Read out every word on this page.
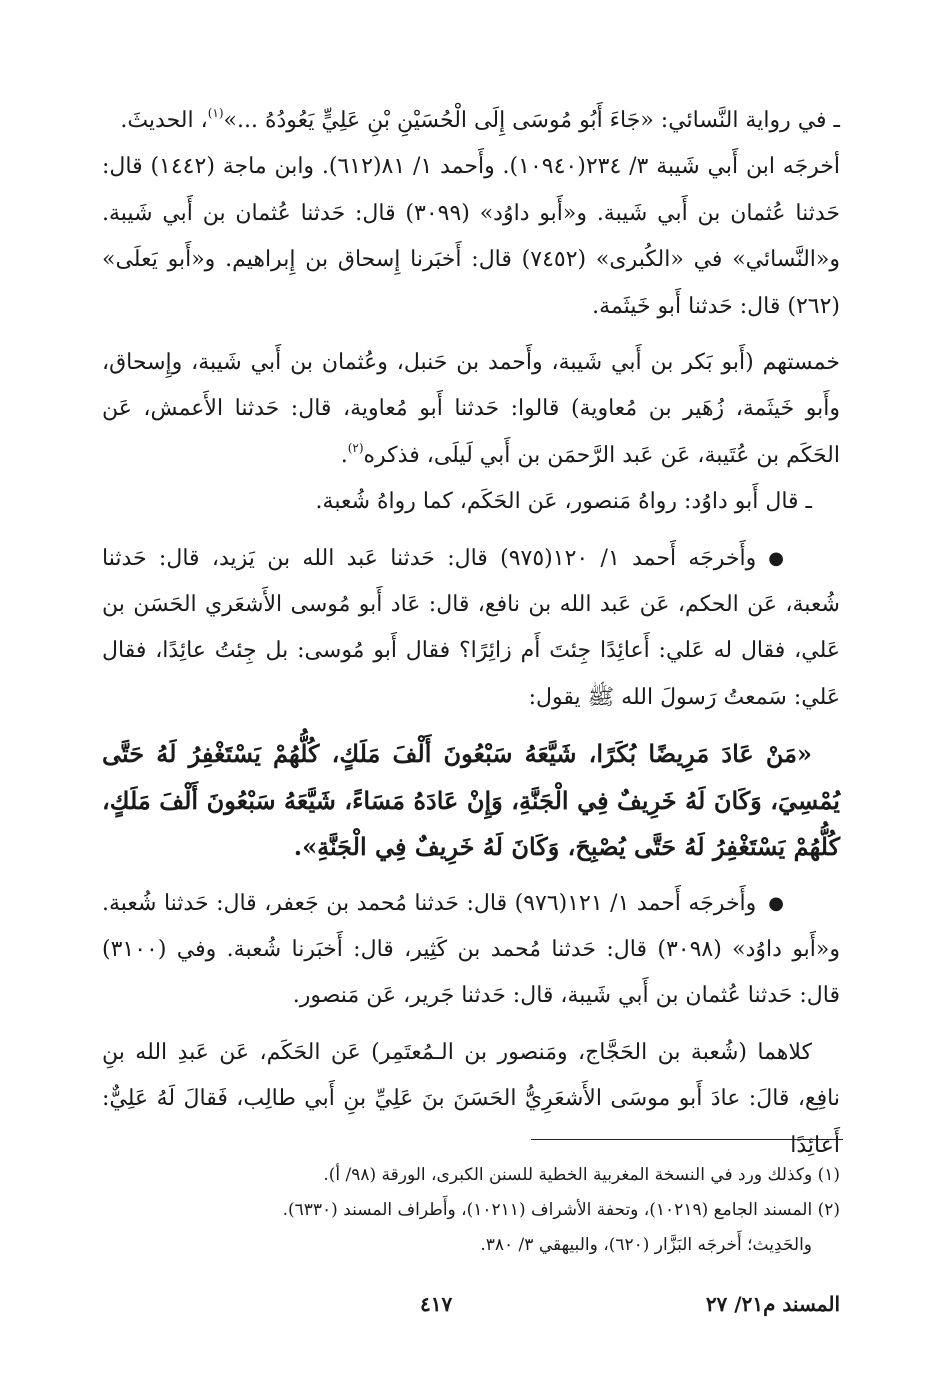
ـ في رواية النَّسائي: «جَاءَ أَبُو مُوسَى إِلَى الْحُسَيْنِ بْنِ عَلِيٍّ يَعُودُهُ ...»$^{(١)}$، الحديثَ.

أخرجَه ابن أَبي شَيبة ٣/ ٢٣٤(١٠٩٤٠). وأَحمد ١/ ٨١(٦١٢). وابن ماجة (١٤٤٢) قال: حَدثنا عُثمان بن أَبي شَيبة. و«أَبو داوُد» (٣٠٩٩) قال: حَدثنا عُثمان بن أَبي شَيبة. و«النَّسائي» في «الكُبرى» (٧٤٥٢) قال: أَخبَرنا إِسحاق بن إِبراهيم. و«أَبو يَعلَى» (٢٦٢) قال: حَدثنا أَبو خَيثَمة.

خمستهم (أَبو بَكر بن أَبي شَيبة، وأَحمد بن حَنبل، وعُثمان بن أَبي شَيبة، وإِسحاق، وأَبو خَيثَمة، زُهَير بن مُعاوية) قالوا: حَدثنا أَبو مُعاوية، قال: حَدثنا الأَعمش، عَن الحَكَم بن عُتَيبة، عَن عَبد الرَّحمَن بن أَبي لَيلَى، فذكره$^{(٢)}$.

ـ قال أَبو داوُد: رواهُ مَنصور، عَن الحَكَم، كما رواهُ شُعبة.

●وأَخرجَه أَحمد ١/ ١٢٠(٩٧٥) قال: حَدثنا عَبد الله بن يَزيد، قال: حَدثنا شُعبة، عَن الحكم، عَن عَبد الله بن نافع، قال: عَاد أَبو مُوسى الأَشعَري الحَسَن بن عَلي، فقال له عَلي: أَعائِدًا جِئتَ أَم زائِرًا؟ فقال أَبو مُوسى: بل جِئتُ عائِدًا، فقال عَلي: سَمعتُ رَسولَ الله ﷺ يقول:

«مَنْ عَادَ مَرِيضًا بُكَرًا، شَيَّعَهُ سَبْعُونَ أَلْفَ مَلَكٍ، كُلُّهُمْ يَسْتَغْفِرُ لَهُ حَتَّى يُمْسِيَ، وَكَانَ لَهُ خَرِيفٌ فِي الْجَنَّةِ، وَإِنْ عَادَهُ مَسَاءً، شَيَّعَهُ سَبْعُونَ أَلْفَ مَلَكٍ، كُلُّهُمْ يَسْتَغْفِرُ لَهُ حَتَّى يُصْبِحَ، وَكَانَ لَهُ خَرِيفٌ فِي الْجَنَّةِ».

●وأَخرجَه أَحمد ١/ ١٢١(٩٧٦) قال: حَدثنا مُحمد بن جَعفر، قال: حَدثنا شُعبة. و«أَبو داوُد» (٣٠٩٨) قال: حَدثنا مُحمد بن كَثِير، قال: أَخبَرنا شُعبة. وفي (٣١٠٠) قال: حَدثنا عُثمان بن أَبي شَيبة، قال: حَدثنا جَرير، عَن مَنصور.

كلاهما (شُعبة بن الحَجَّاج، ومَنصور بن الـمُعتَمِر) عَن الحَكَم، عَن عَبدِ الله بنِ نافِع، قالَ: عادَ أَبو موسَى الأَشعَرِيُّ الحَسَنَ بنَ عَلِيِّ بنِ أَبي طالِب، فَقالَ لَهُ عَلِيٌّ: أَعائِدًا

(١) وكذلك ورد في النسخة المغربية الخطية للسنن الكبرى، الورقة (٩٨/ أ).

(٢) المسند الجامع (١٠٢١٩)، وتحفة الأشراف (١٠٢١١)، وأَطراف المسند (٦٣٣٠).

والحَدِيث؛ أَخرجَه البَزَّار (٦٢٠)، والبيهقي ٣/ ٣٨٠.

المسند م٢١/ ٢٧
٤١٧
